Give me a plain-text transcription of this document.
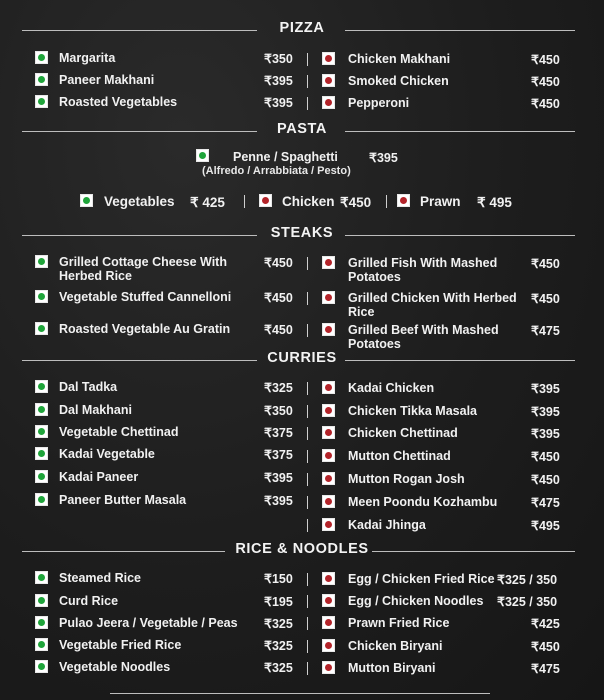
PIZZA
Margarita	₹350
Paneer Makhani	₹395
Roasted Vegetables	₹395
Chicken Makhani	₹450
Smoked Chicken	₹450
Pepperoni	₹450
PASTA
Penne / Spaghetti ₹395
(Alfredo / Arrabbiata / Pesto)
Vegetables ₹ 425	Chicken ₹450	Prawn ₹ 495
STEAKS
Grilled Cottage Cheese With Herbed Rice
₹450
Vegetable Stuffed Cannelloni	₹450
Roasted Vegetable Au Gratin	₹450
Grilled Fish With Mashed Potatoes
₹450
Grilled Chicken With Herbed Rice
₹450
Grilled Beef With Mashed Potatoes
₹475
CURRIES
Dal Tadka	₹325
Dal Makhani	₹350
Vegetable Chettinad	₹375
Kadai Vegetable	₹375
Kadai Paneer	₹395
Paneer Butter Masala	₹395
Kadai Chicken	₹395
Chicken Tikka Masala	₹395
Chicken Chettinad	₹395
Mutton Chettinad	₹450
Mutton Rogan Josh	₹450
Meen Poondu Kozhambu	₹475
Kadai Jhinga	₹495
RICE & NOODLES
Steamed Rice	₹150
Curd Rice	₹195
Pulao Jeera / Vegetable / Peas ₹325
Vegetable Fried Rice	₹325
Vegetable Noodles	₹325
Egg / Chicken Fried Rice ₹325 / 350
Egg / Chicken Noodles ₹325 / 350
Prawn Fried Rice	₹425
Chicken Biryani	₹450
Mutton Biryani	₹475
